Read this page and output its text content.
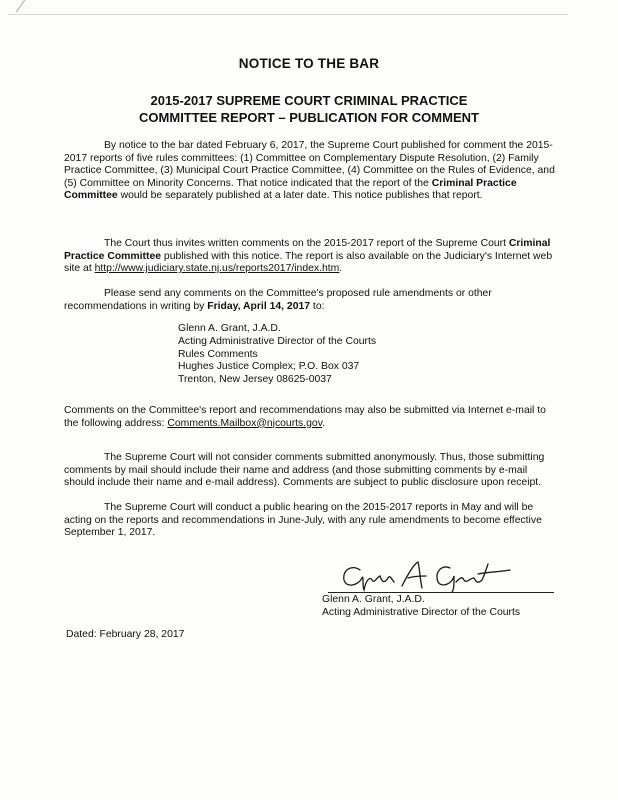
NOTICE TO THE BAR
2015-2017 SUPREME COURT CRIMINAL PRACTICE
COMMITTEE REPORT – PUBLICATION FOR COMMENT

By notice to the bar dated February 6, 2017, the Supreme Court published for comment the 2015-2017 reports of five rules committees: (1) Committee on Complementary Dispute Resolution, (2) Family Practice Committee, (3) Municipal Court Practice Committee, (4) Committee on the Rules of Evidence, and (5) Committee on Minority Concerns. That notice indicated that the report of the Criminal Practice Committee would be separately published at a later date. This notice publishes that report.

The Court thus invites written comments on the 2015-2017 report of the Supreme Court Criminal Practice Committee published with this notice. The report is also available on the Judiciary's Internet web site at http://www.judiciary.state.nj.us/reports2017/index.htm.

Please send any comments on the Committee's proposed rule amendments or other recommendations in writing by Friday, April 14, 2017 to:

Glenn A. Grant, J.A.D.
Acting Administrative Director of the Courts
Rules Comments
Hughes Justice Complex; P.O. Box 037
Trenton, New Jersey 08625-0037

Comments on the Committee's report and recommendations may also be submitted via Internet e-mail to the following address: Comments.Mailbox@njcourts.gov.

The Supreme Court will not consider comments submitted anonymously. Thus, those submitting comments by mail should include their name and address (and those submitting comments by e-mail should include their name and e-mail address). Comments are subject to public disclosure upon receipt.

The Supreme Court will conduct a public hearing on the 2015-2017 reports in May and will be acting on the reports and recommendations in June-July, with any rule amendments to become effective September 1, 2017.

Glenn A. Grant, J.A.D.
Acting Administrative Director of the Courts
Dated: February 28, 2017
